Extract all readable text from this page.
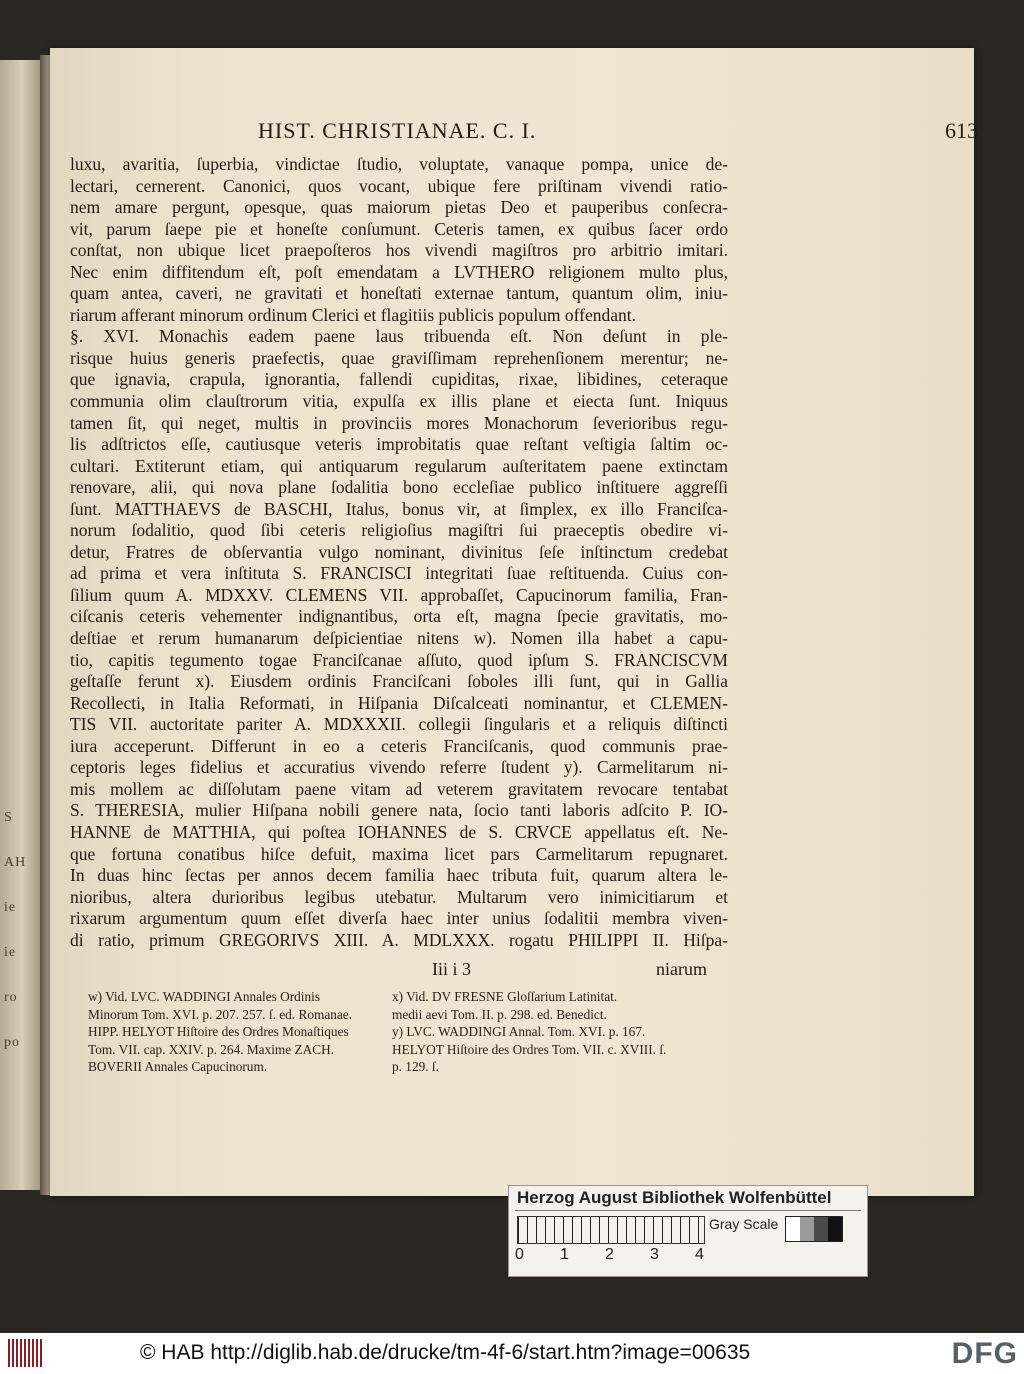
S
AH
ie
ie
ro
po
HIST. CHRISTIANAE. C. I.	613
luxu, avaritia, ſuperbia, vindictae ſtudio, voluptate, vanaque pompa, unice de-
lectari, cernerent. Canonici, quos vocant, ubique fere priſtinam vivendi ratio-
nem amare pergunt, opesque, quas maiorum pietas Deo et pauperibus conſecra-
vit, parum ſaepe pie et honeſte conſumunt. Ceteris tamen, ex quibus ſacer ordo
conſtat, non ubique licet praepoſteros hos vivendi magiſtros pro arbitrio imitari.
Nec enim diffitendum eſt, poſt emendatam a LVTHERO religionem multo plus,
quam antea, caveri, ne gravitati et honeſtati externae tantum, quantum olim, iniu-
riarum afferant minorum ordinum Clerici et flagitiis publicis populum offendant.
§. XVI. Monachis eadem paene laus tribuenda eſt. Non deſunt in ple-
risque huius generis praefectis, quae graviſſimam reprehenſionem merentur; ne-
que ignavia, crapula, ignorantia, fallendi cupiditas, rixae, libidines, ceteraque
communia olim clauſtrorum vitia, expulſa ex illis plane et eiecta ſunt. Iniquus
tamen ſit, qui neget, multis in provinciis mores Monachorum ſeverioribus regu-
lis adſtrictos eſſe, cautiusque veteris improbitatis quae reſtant veſtigia ſaltim oc-
cultari. Extiterunt etiam, qui antiquarum regularum auſteritatem paene extinctam
renovare, alii, qui nova plane ſodalitia bono eccleſiae publico inſtituere aggreſſi
ſunt. MATTHAEVS de BASCHI, Italus, bonus vir, at ſimplex, ex illo Franciſca-
norum ſodalitio, quod ſibi ceteris religioſius magiſtri ſui praeceptis obedire vi-
detur, Fratres de obſervantia vulgo nominant, divinitus ſeſe inſtinctum credebat
ad prima et vera inſtituta S. FRANCISCI integritati ſuae reſtituenda. Cuius con-
ſilium quum A. MDXXV. CLEMENS VII. approbaſſet, Capucinorum familia, Fran-
ciſcanis ceteris vehementer indignantibus, orta eſt, magna ſpecie gravitatis, mo-
deſtiae et rerum humanarum deſpicientiae nitens w). Nomen illa habet a capu-
tio, capitis tegumento togae Franciſcanae aſſuto, quod ipſum S. FRANCISCVM
geſtaſſe ferunt x). Eiusdem ordinis Franciſcani ſoboles illi ſunt, qui in Gallia
Recollecti, in Italia Reformati, in Hiſpania Diſcalceati nominantur, et CLEMEN-
TIS VII. auctoritate pariter A. MDXXXII. collegii ſingularis et a reliquis diſtincti
iura acceperunt. Differunt in eo a ceteris Franciſcanis, quod communis prae-
ceptoris leges fidelius et accuratius vivendo referre ſtudent y). Carmelitarum ni-
mis mollem ac diſſolutam paene vitam ad veterem gravitatem revocare tentabat
S. THERESIA, mulier Hiſpana nobili genere nata, ſocio tanti laboris adſcito P. IO-
HANNE de MATTHIA, qui poſtea IOHANNES de S. CRVCE appellatus eſt. Ne-
que fortuna conatibus hiſce defuit, maxima licet pars Carmelitarum repugnaret.
In duas hinc ſectas per annos decem familia haec tributa fuit, quarum altera le-
nioribus, altera durioribus legibus utebatur. Multarum vero inimicitiarum et
rixarum argumentum quum eſſet diverſa haec inter unius ſodalitii membra viven-
di ratio, primum GREGORIVS XIII. A. MDLXXX. rogatu PHILIPPI II. Hiſpa-
Iii i 3	niarum
w) Vid. LVC. WADDINGI Annales Ordinis
Minorum Tom. XVI. p. 207. 257. ſ. ed. Romanae.
HIPP. HELYOT Hiſtoire des Ordres Monaſtiques
Tom. VII. cap. XXIV. p. 264. Maxime ZACH.
BOVERII Annales Capucinorum.
x) Vid. DV FRESNE Gloſſarium Latinitat.
medii aevi Tom. II. p. 298. ed. Benedict.
y) LVC. WADDINGI Annal. Tom. XVI. p. 167.
HELYOT Hiſtoire des Ordres Tom. VII. c. XVIII. ſ.
p. 129. ſ.
Herzog August Bibliothek Wolfenbüttel
0 1 2 3 4
Gray Scale
© HAB http://diglib.hab.de/drucke/tm-4f-6/start.htm?image=00635	DFG
